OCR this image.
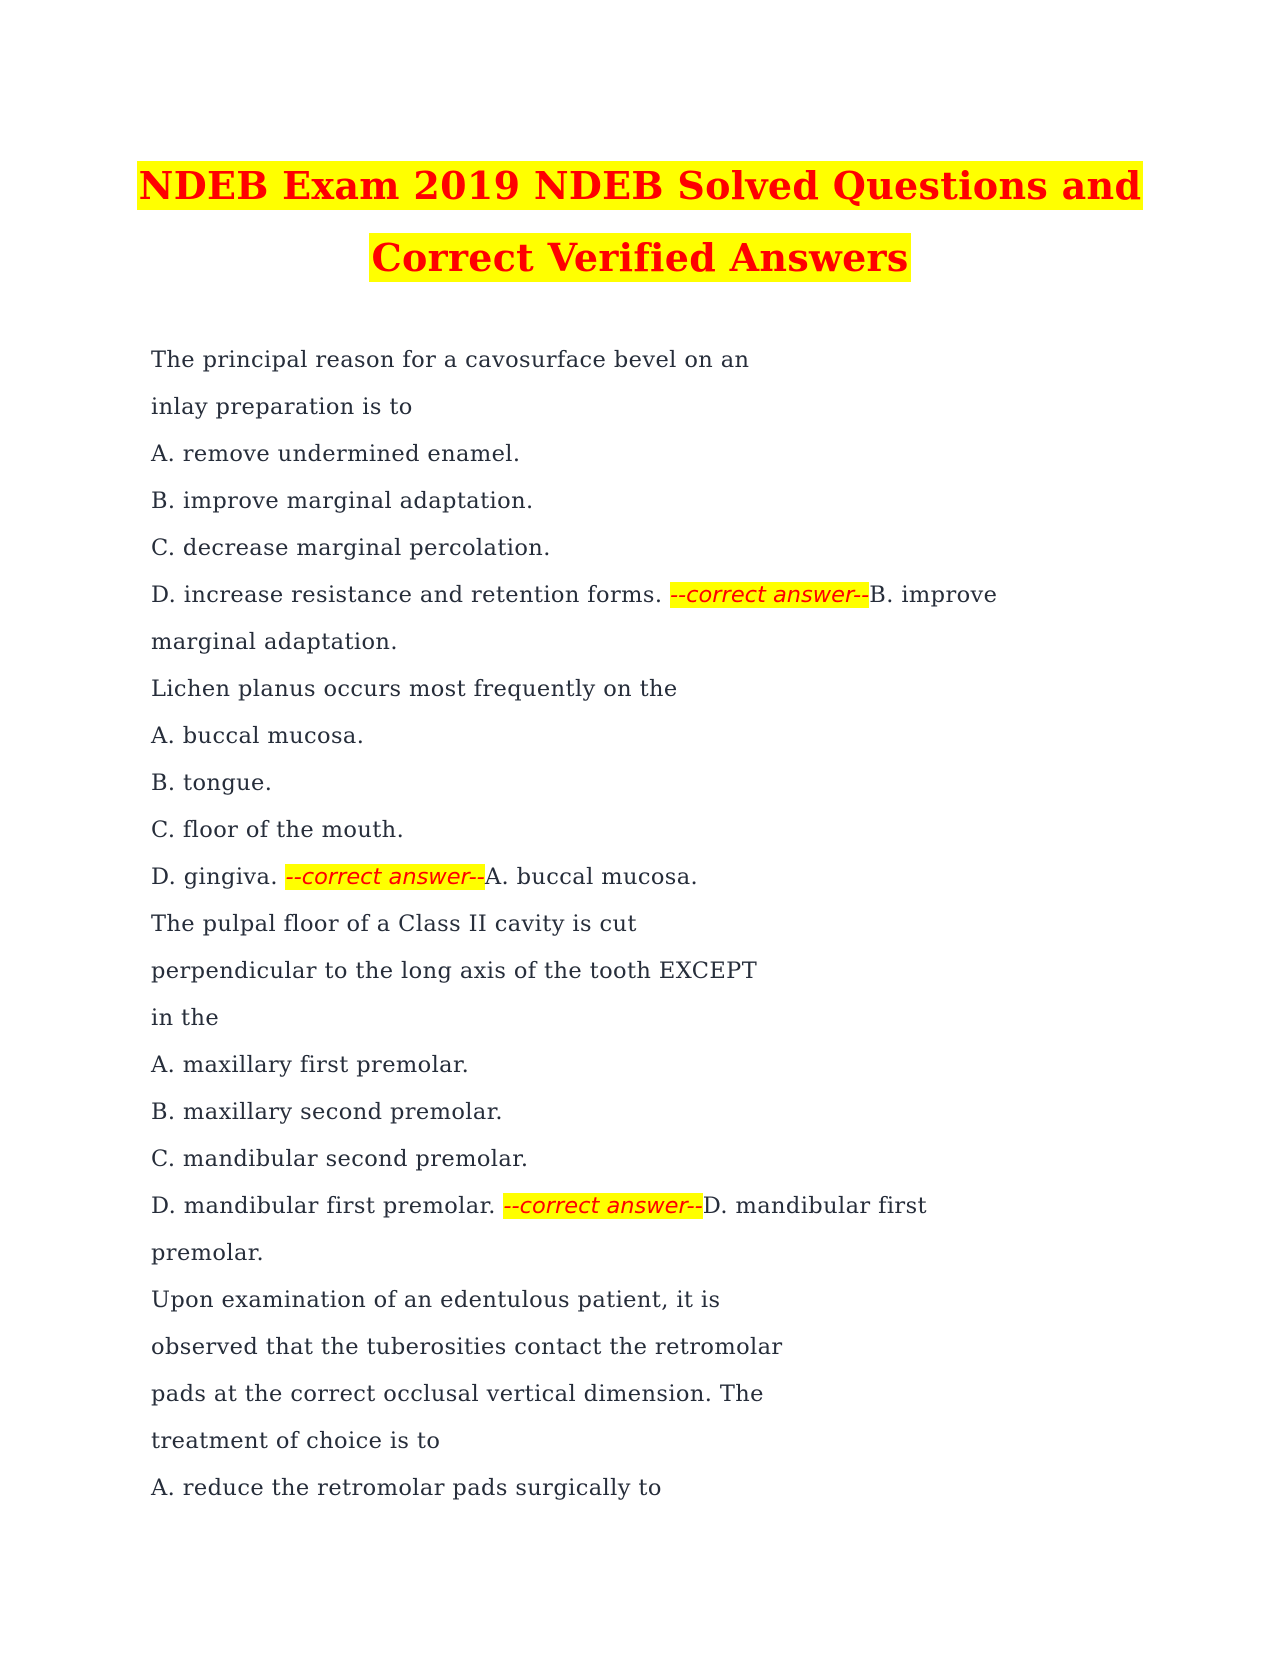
NDEB Exam 2019 NDEB Solved Questions and
Correct Verified Answers
The principal reason for a cavosurface bevel on an
inlay preparation is to
A. remove undermined enamel.
B. improve marginal adaptation.
C. decrease marginal percolation.
D. increase resistance and retention forms. --correct answer--B. improve
marginal adaptation.
Lichen planus occurs most frequently on the
A. buccal mucosa.
B. tongue.
C. floor of the mouth.
D. gingiva. --correct answer--A. buccal mucosa.
The pulpal floor of a Class II cavity is cut
perpendicular to the long axis of the tooth EXCEPT
in the
A. maxillary first premolar.
B. maxillary second premolar.
C. mandibular second premolar.
D. mandibular first premolar. --correct answer--D. mandibular first
premolar.
Upon examination of an edentulous patient, it is
observed that the tuberosities contact the retromolar
pads at the correct occlusal vertical dimension. The
treatment of choice is to
A. reduce the retromolar pads surgically to
